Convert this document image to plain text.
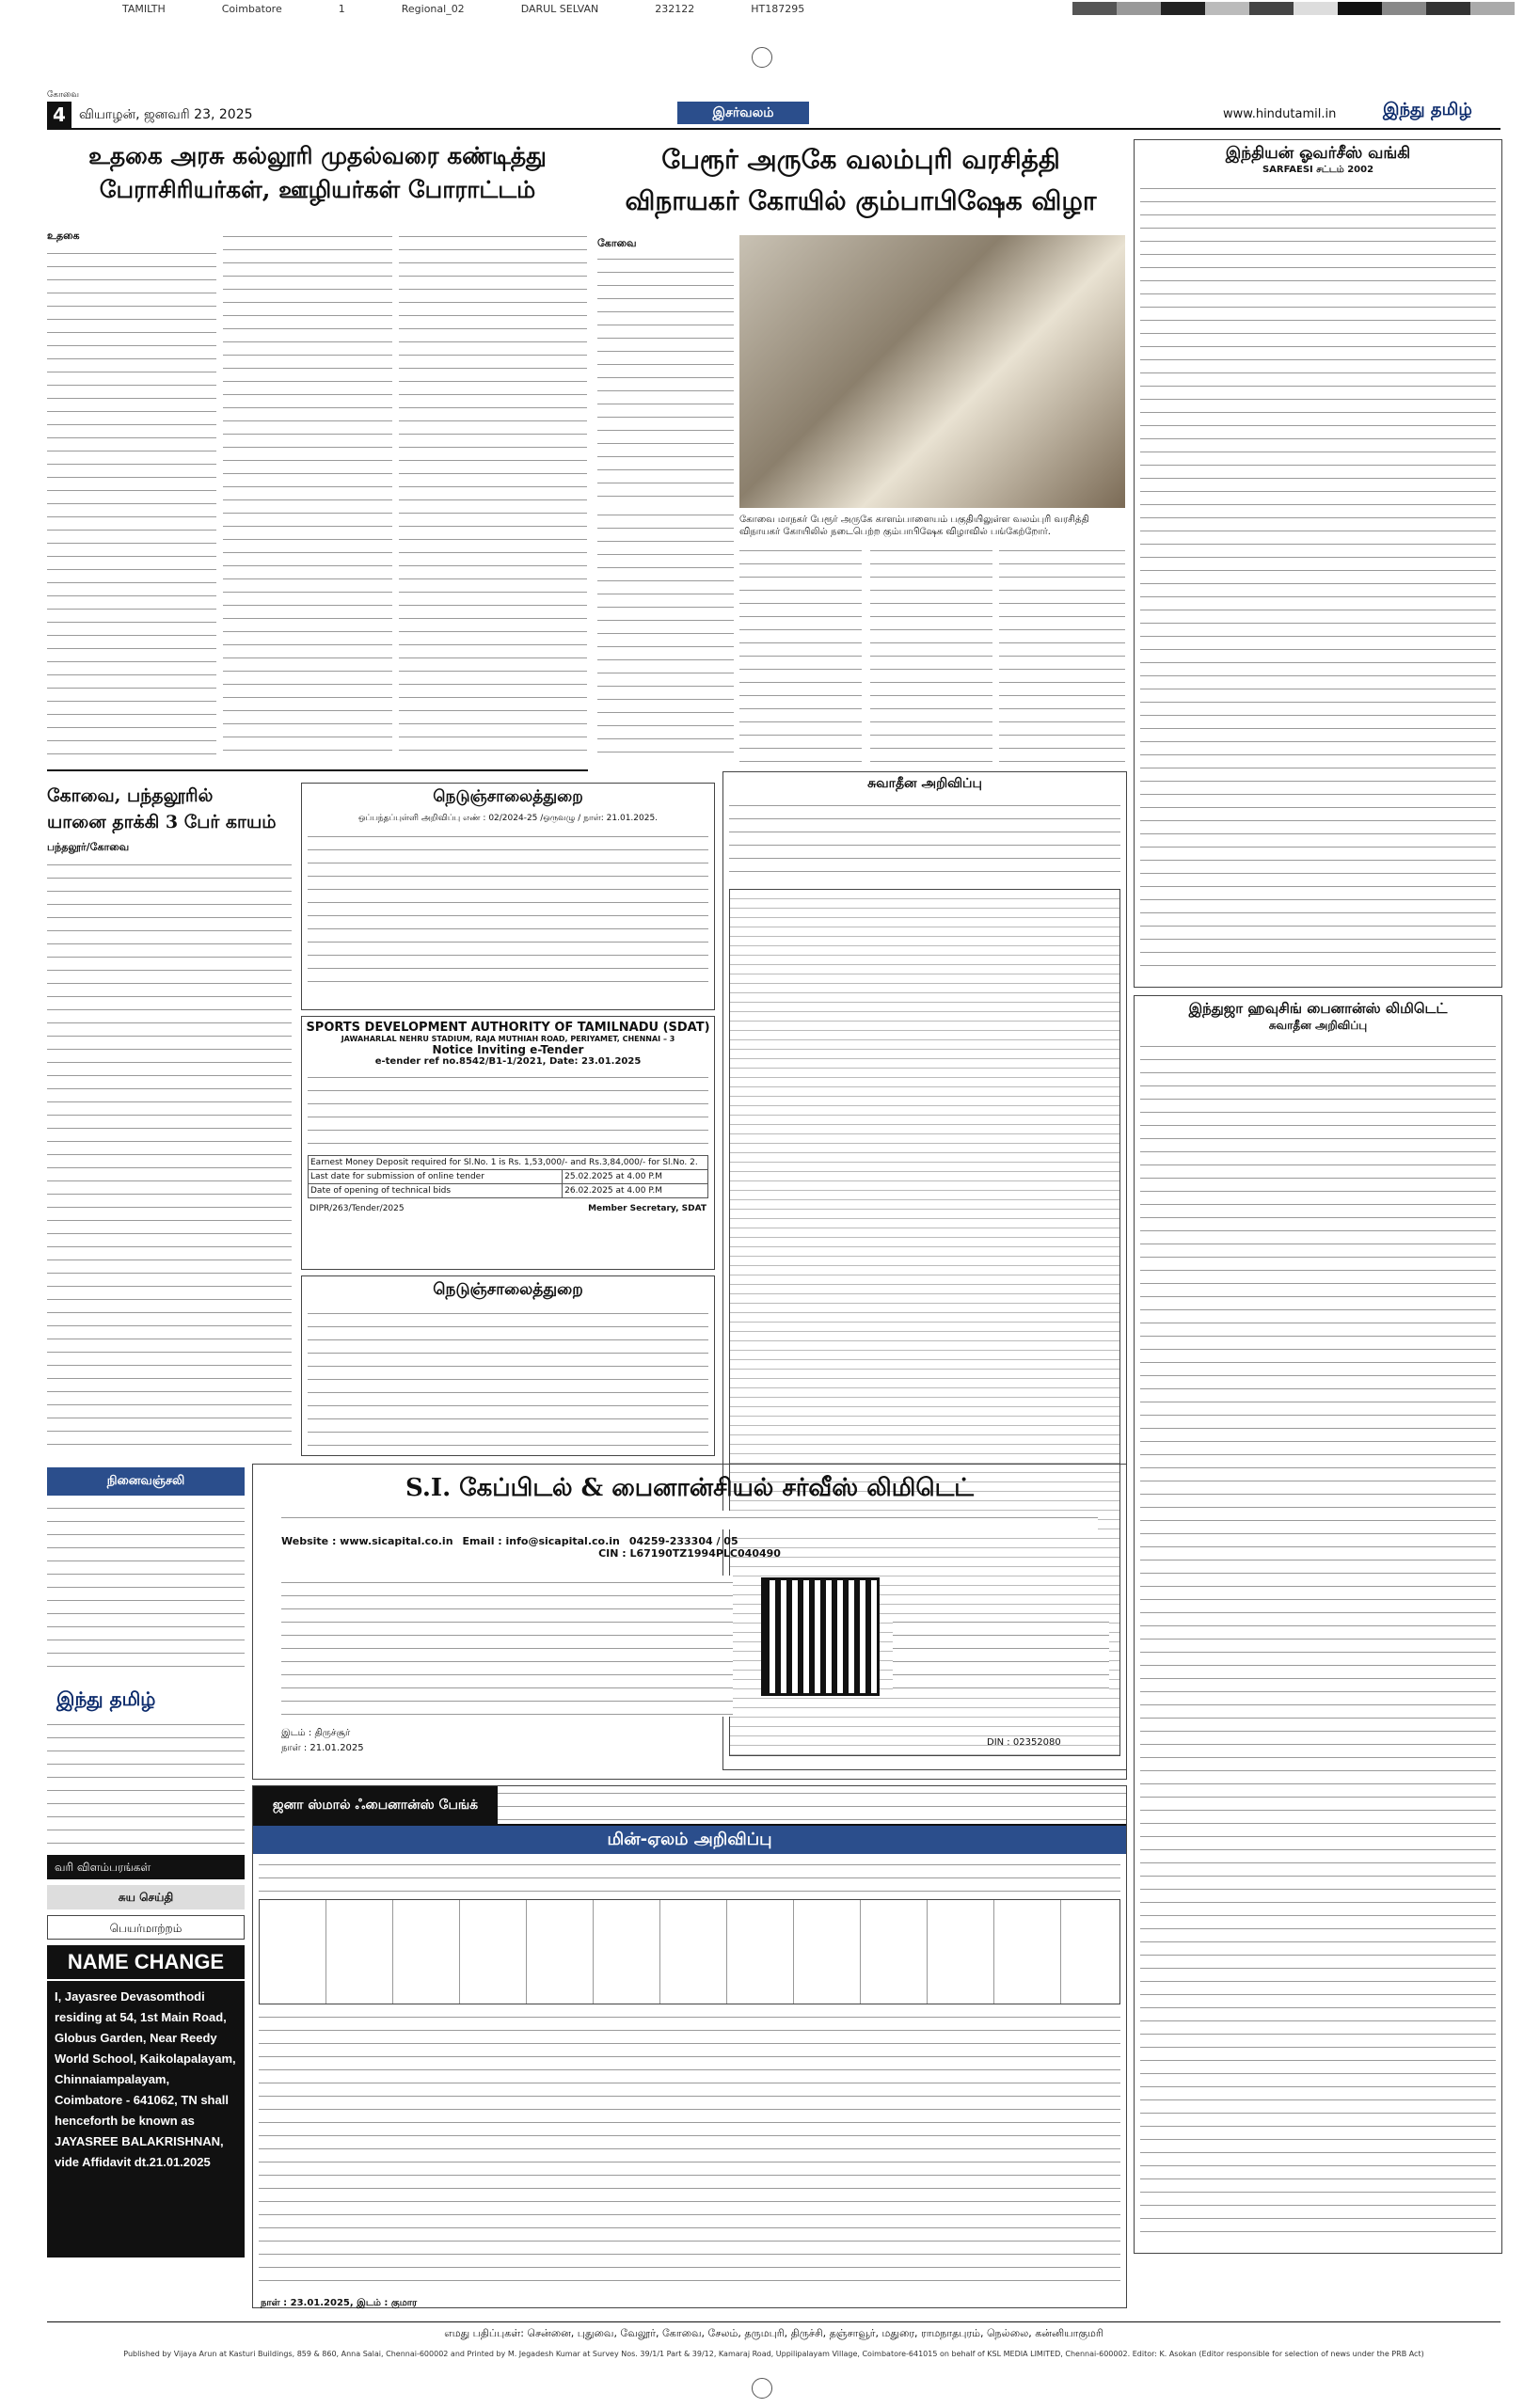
TAMILTH	Coimbatore	1	Regional_02	DARUL SELVAN	232122	HT187295
4
கோவை
வியாழன், ஜனவரி 23, 2025	இசர்வலம்	www.hindutamil.in	இந்து தமிழ்
உதகை அரசு கல்லூரி முதல்வரை கண்டித்து
பேராசிரியர்கள், ஊழியர்கள் போராட்டம்
உதகை
பேரூர் அருகே வலம்புரி வரசித்தி
விநாயகர் கோயில் கும்பாபிஷேக விழா
கோவை
கோவை மாநகர் பேரூர் அருகே காளம்பாளையம் பகுதியிலுள்ள வலம்புரி வரசித்தி விநாயகர் கோயிலில் நடைபெற்ற கும்பாபிஷேக விழாவில் பங்கேற்றோர்.
இந்தியன் ஓவர்சீஸ் வங்கி
SARFAESI சட்டம் 2002
கோவை, பந்தலூரில்
யானை தாக்கி 3 பேர் காயம்
பந்தலூர்/கோவை
நெடுஞ்சாலைத்துறை
ஒப்பந்தப்புள்ளி அறிவிப்பு எண் : 02/2024-25 /ஒருவழு / நாள்: 21.01.2025.
SPORTS DEVELOPMENT AUTHORITY OF TAMILNADU (SDAT)
JAWAHARLAL NEHRU STADIUM, RAJA MUTHIAH ROAD, PERIYAMET, CHENNAI – 3
Notice Inviting e-Tender
e-tender ref no.8542/B1-1/2021, Date: 23.01.2025
Earnest Money Deposit required for Sl.No. 1 is Rs. 1,53,000/- and Rs.3,84,000/- for Sl.No. 2.	
Last date for submission of online tender	25.02.2025 at 4.00 P.M
Date of opening of technical bids	26.02.2025 at 4.00 P.M
DIPR/263/Tender/2025	Member Secretary, SDAT
நெடுஞ்சாலைத்துறை
சுவாதீன அறிவிப்பு
இந்துஜா ஹவுசிங் பைனான்ஸ் லிமிடெட்
சுவாதீன அறிவிப்பு
நினைவஞ்சலி
இந்து தமிழ்
வரி விளம்பரங்கள்
சுய செய்தி
பெயர்மாற்றம்
NAME CHANGE
I, Jayasree Devasomthodi residing at 54, 1st Main Road, Globus Garden, Near Reedy World School, Kaikolapalayam, Chinnaiampalayam, Coimbatore - 641062, TN shall henceforth be known as JAYASREE BALAKRISHNAN, vide Affidavit dt.21.01.2025
S.I. கேப்பிடல் & பைனான்சியல் சர்வீஸ் லிமிடெட்
Website : www.sicapital.co.in Email : info@sicapital.co.in 04259-233304 / 05
CIN : L67190TZ1994PLC040490
இடம் : திருச்சூர்
நாள் : 21.01.2025
DIN : 02352080
ஜனா ஸ்மால் ஃபைனான்ஸ் பேங்க்
மின்-ஏலம் அறிவிப்பு
நாள் : 23.01.2025, இடம் : குமார
எமது பதிப்புகள்: சென்னை, புதுவை, வேலூர், கோவை, சேலம், தருமபுரி, திருச்சி, தஞ்சாவூர், மதுரை, ராமநாதபுரம், நெல்லை, கன்னியாகுமரி
Published by Vijaya Arun at Kasturi Buildings, 859 & 860, Anna Salai, Chennai-600002 and Printed by M. Jegadesh Kumar at Survey Nos. 39/1/1 Part & 39/12, Kamaraj Road, Uppilipalayam Village, Coimbatore-641015 on behalf of KSL MEDIA LIMITED, Chennai-600002. Editor: K. Asokan (Editor responsible for selection of news under the PRB Act)
